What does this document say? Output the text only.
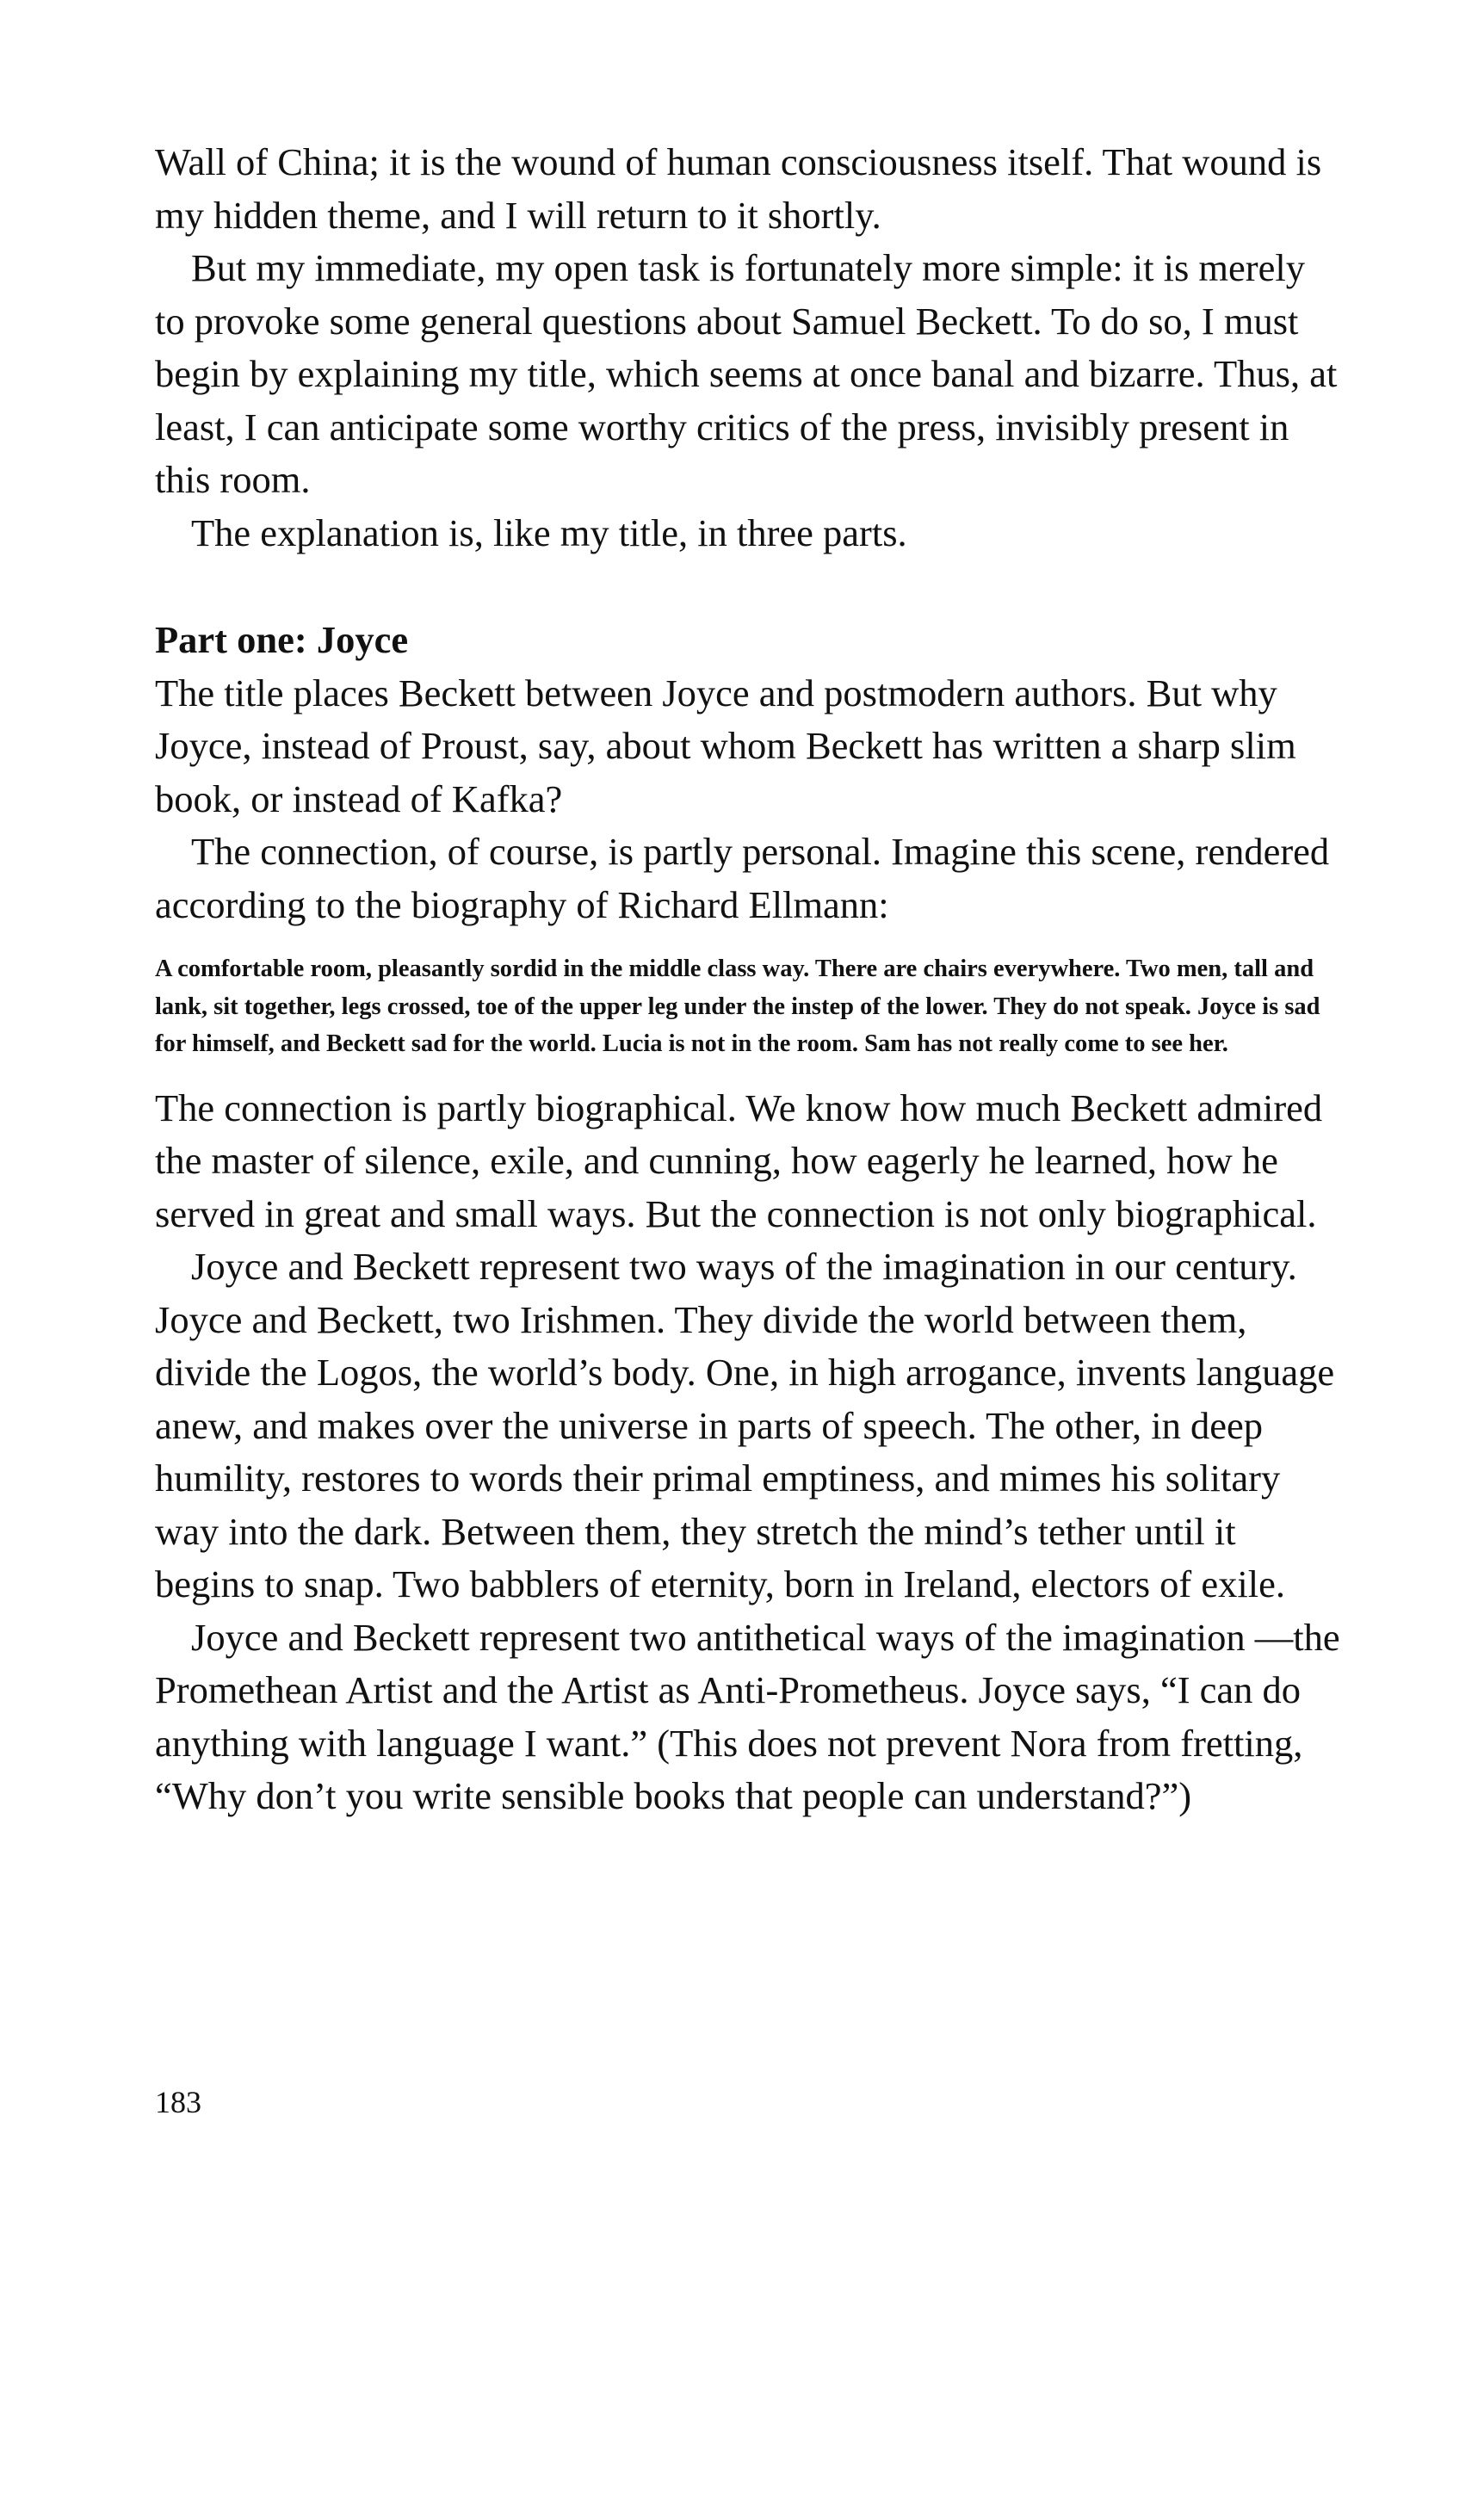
Wall of China; it is the wound of human consciousness itself. That wound is my hidden theme, and I will return to it shortly.

But my immediate, my open task is fortunately more simple: it is merely to provoke some general questions about Samuel Beckett. To do so, I must begin by explaining my title, which seems at once banal and bizarre. Thus, at least, I can anticipate some worthy critics of the press, invisibly present in this room.

The explanation is, like my title, in three parts.

Part one: Joyce

The title places Beckett between Joyce and postmodern authors. But why Joyce, instead of Proust, say, about whom Beckett has written a sharp slim book, or instead of Kafka?

The connection, of course, is partly personal. Imagine this scene, rendered according to the biography of Richard Ellmann:

A comfortable room, pleasantly sordid in the middle class way. There are chairs everywhere. Two men, tall and lank, sit together, legs crossed, toe of the upper leg under the instep of the lower. They do not speak. Joyce is sad for himself, and Beckett sad for the world. Lucia is not in the room. Sam has not really come to see her.

The connection is partly biographical. We know how much Beckett admired the master of silence, exile, and cunning, how eagerly he learned, how he served in great and small ways. But the connection is not only biographical.

Joyce and Beckett represent two ways of the imagination in our century. Joyce and Beckett, two Irishmen. They divide the world between them, divide the Logos, the world’s body. One, in high arrogance, invents language anew, and makes over the universe in parts of speech. The other, in deep humility, restores to words their primal emptiness, and mimes his solitary way into the dark. Between them, they stretch the mind’s tether until it begins to snap. Two babblers of eternity, born in Ireland, electors of exile.

Joyce and Beckett represent two antithetical ways of the imagination —the Promethean Artist and the Artist as Anti-Prometheus. Joyce says, “I can do anything with language I want.” (This does not prevent Nora from fretting, “Why don’t you write sensible books that people can understand?”)

183
